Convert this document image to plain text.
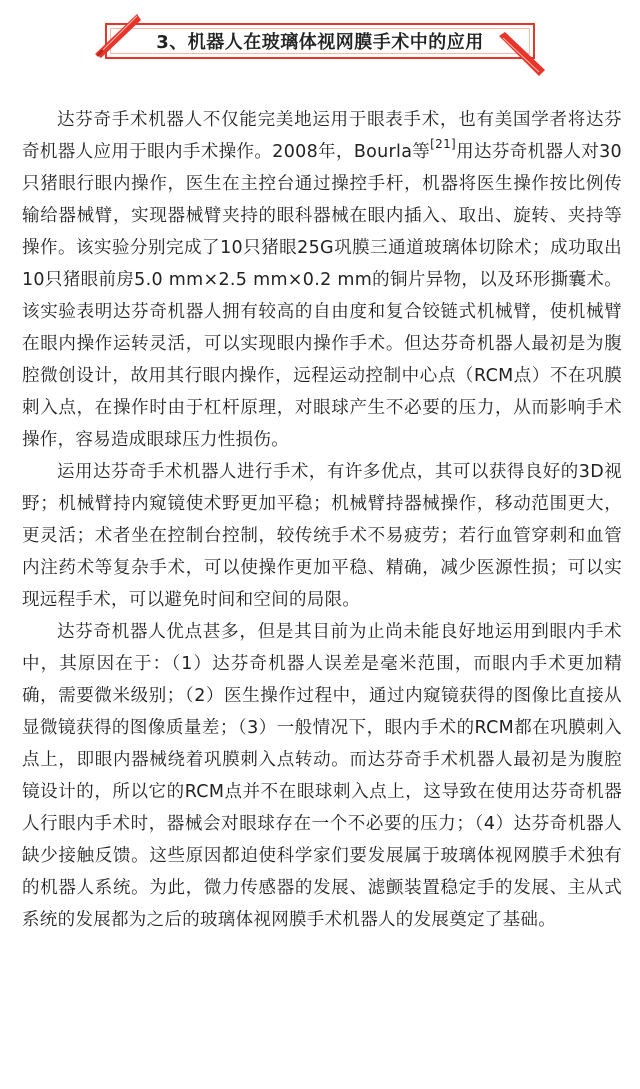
3、机器人在玻璃体视网膜手术中的应用

达芬奇手术机器人不仅能完美地运用于眼表手术，也有美国学者将达芬奇机器人应用于眼内手术操作。2008年，Bourla等[21]用达芬奇机器人对30只猪眼行眼内操作，医生在主控台通过操控手杆，机器将医生操作按比例传输给器械臂，实现器械臂夹持的眼科器械在眼内插入、取出、旋转、夹持等操作。该实验分别完成了10只猪眼25G巩膜三通道玻璃体切除术；成功取出10只猪眼前房5.0 mm×2.5 mm×0.2 mm的铜片异物，以及环形撕囊术。该实验表明达芬奇机器人拥有较高的自由度和复合铰链式机械臂，使机械臂在眼内操作运转灵活，可以实现眼内操作手术。但达芬奇机器人最初是为腹腔微创设计，故用其行眼内操作，远程运动控制中心点（RCM点）不在巩膜刺入点，在操作时由于杠杆原理，对眼球产生不必要的压力，从而影响手术操作，容易造成眼球压力性损伤。

运用达芬奇手术机器人进行手术，有许多优点，其可以获得良好的3D视野；机械臂持内窥镜使术野更加平稳；机械臂持器械操作，移动范围更大，更灵活；术者坐在控制台控制，较传统手术不易疲劳；若行血管穿刺和血管内注药术等复杂手术，可以使操作更加平稳、精确，减少医源性损；可以实现远程手术，可以避免时间和空间的局限。

达芬奇机器人优点甚多，但是其目前为止尚未能良好地运用到眼内手术中，其原因在于：（1）达芬奇机器人误差是毫米范围，而眼内手术更加精确，需要微米级别；（2）医生操作过程中，通过内窥镜获得的图像比直接从显微镜获得的图像质量差；（3）一般情况下，眼内手术的RCM都在巩膜刺入点上，即眼内器械绕着巩膜刺入点转动。而达芬奇手术机器人最初是为腹腔镜设计的，所以它的RCM点并不在眼球刺入点上，这导致在使用达芬奇机器人行眼内手术时，器械会对眼球存在一个不必要的压力；（4）达芬奇机器人缺少接触反馈。这些原因都迫使科学家们要发展属于玻璃体视网膜手术独有的机器人系统。为此，微力传感器的发展、滤颤装置稳定手的发展、主从式系统的发展都为之后的玻璃体视网膜手术机器人的发展奠定了基础。
